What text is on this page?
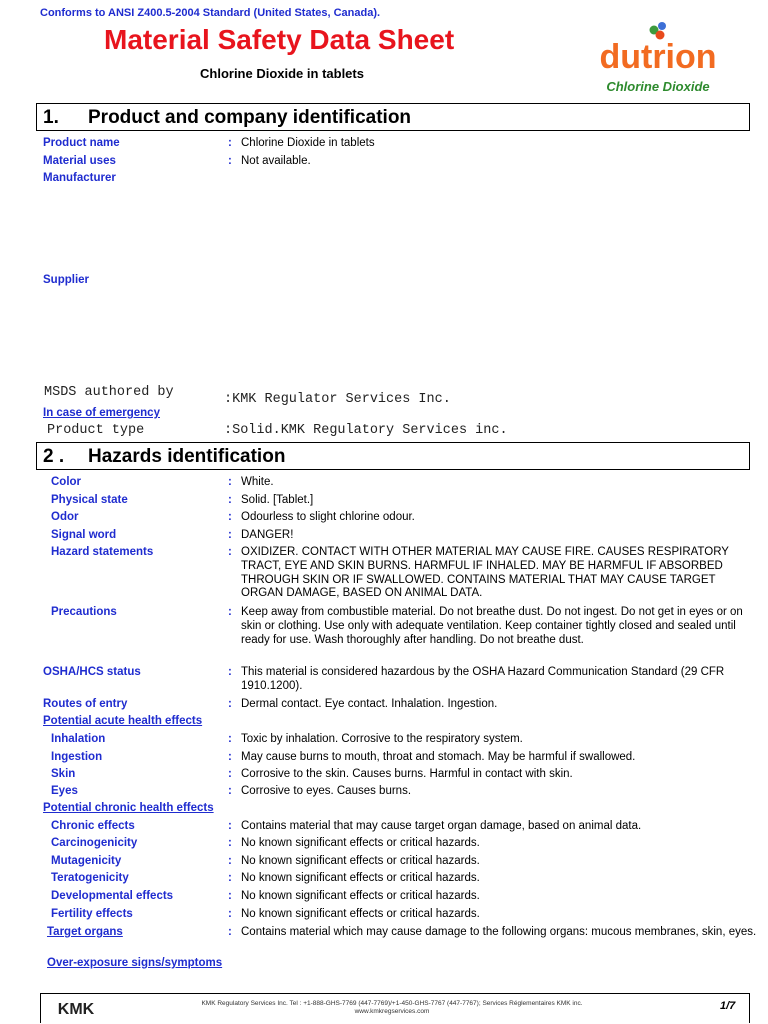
Conforms to ANSI Z400.5-2004 Standard (United States, Canada).
Material Safety Data Sheet
Chlorine Dioxide in tablets	dutrion
Chlorine Dioxide
1. Product and company identification
Product name	: Chlorine Dioxide in tablets
Material uses	: Not available.
Manufacturer
Supplier
MSDS authored by	:KMK Regulator Services Inc.
In case of emergency
Product type	:Solid.KMK Regulatory Services inc.
2 . Hazards identification
Color	: White.
Physical state	: Solid. [Tablet.]
Odor	: Odourless to slight chlorine odour.
Signal word	: DANGER!
Hazard statements	: OXIDIZER. CONTACT WITH OTHER MATERIAL MAY CAUSE FIRE. CAUSES RESPIRATORY TRACT, EYE AND SKIN BURNS. HARMFUL IF INHALED. MAY BE HARMFUL IF ABSORBED THROUGH SKIN OR IF SWALLOWED. CONTAINS MATERIAL THAT MAY CAUSE TARGET ORGAN DAMAGE, BASED ON ANIMAL DATA.
Precautions	: Keep away from combustible material. Do not breathe dust. Do not ingest. Do not get in eyes or on skin or clothing. Use only with adequate ventilation. Keep container tightly closed and sealed until ready for use. Wash thoroughly after handling. Do not breathe dust.
OSHA/HCS status	: This material is considered hazardous by the OSHA Hazard Communication Standard (29 CFR 1910.1200).
Routes of entry	: Dermal contact. Eye contact. Inhalation. Ingestion.
Potential acute health effects
Inhalation	: Toxic by inhalation. Corrosive to the respiratory system.
Ingestion	: May cause burns to mouth, throat and stomach. May be harmful if swallowed.
Skin	: Corrosive to the skin. Causes burns. Harmful in contact with skin.
Eyes	: Corrosive to eyes. Causes burns.
Potential chronic health effects
Chronic effects	: Contains material that may cause target organ damage, based on animal data.
Carcinogenicity	: No known significant effects or critical hazards.
Mutagenicity	: No known significant effects or critical hazards.
Teratogenicity	: No known significant effects or critical hazards.
Developmental effects	: No known significant effects or critical hazards.
Fertility effects	: No known significant effects or critical hazards.
Target organs	: Contains material which may cause damage to the following organs: mucous membranes, skin, eyes.
Over-exposure signs/symptoms
KMK	KMK Regulatory Services Inc. Tel : +1-888-GHS-7769 (447-7769)/+1-450-GHS-7767 (447-7767); Services Réglementaires KMK inc.
www.kmkregservices.com	1/7
